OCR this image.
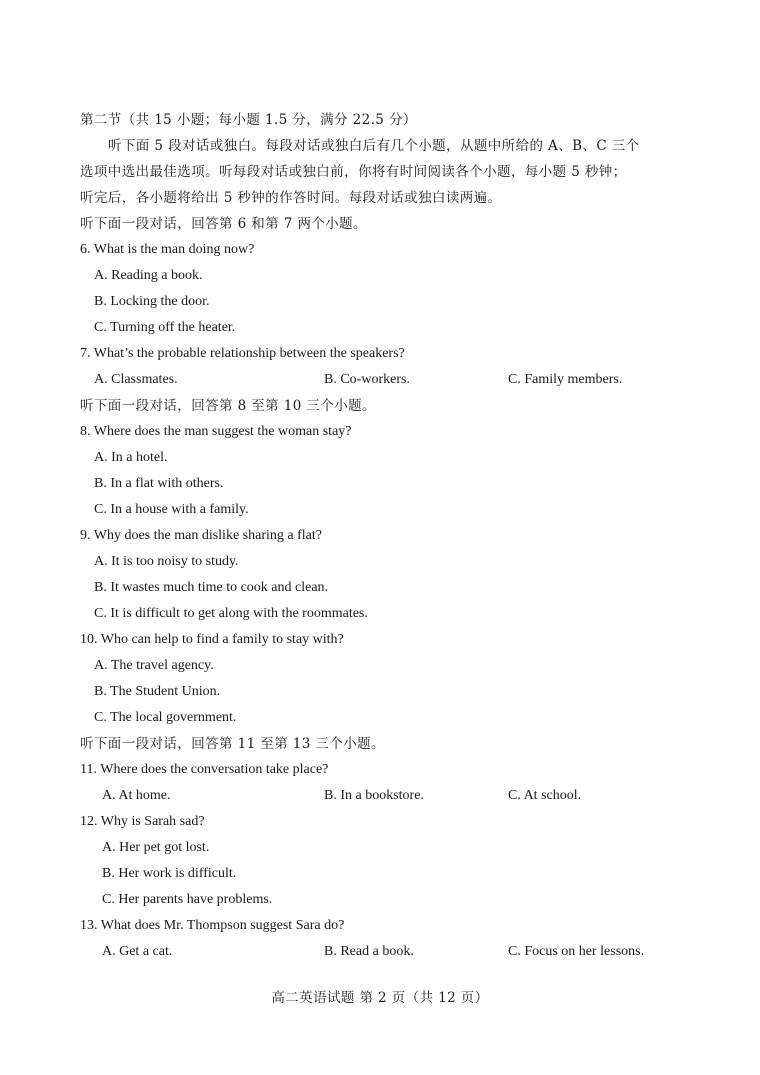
第二节（共 15 小题；每小题 1.5 分，满分 22.5 分）
听下面 5 段对话或独白。每段对话或独白后有几个小题，从题中所给的 A、B、C 三个
选项中选出最佳选项。听每段对话或独白前，你将有时间阅读各个小题，每小题 5 秒钟；
听完后，各小题将给出 5 秒钟的作答时间。每段对话或独白读两遍。
听下面一段对话，回答第 6 和第 7 两个小题。
6. What is the man doing now?
A. Reading a book.
B. Locking the door.
C. Turning off the heater.
7. What’s the probable relationship between the speakers?
A. Classmates.	B. Co-workers.	C. Family members.
听下面一段对话，回答第 8 至第 10 三个小题。
8. Where does the man suggest the woman stay?
A. In a hotel.
B. In a flat with others.
C. In a house with a family.
9. Why does the man dislike sharing a flat?
A. It is too noisy to study.
B. It wastes much time to cook and clean.
C. It is difficult to get along with the roommates.
10. Who can help to find a family to stay with?
A. The travel agency.
B. The Student Union.
C. The local government.
听下面一段对话，回答第 11 至第 13 三个小题。
11. Where does the conversation take place?
A. At home.	B. In a bookstore.	C. At school.
12. Why is Sarah sad?
A. Her pet got lost.
B. Her work is difficult.
C. Her parents have problems.
13. What does Mr. Thompson suggest Sara do?
A. Get a cat.	B. Read a book.	C. Focus on her lessons.
高二英语试题 第 2 页（共 12 页）
